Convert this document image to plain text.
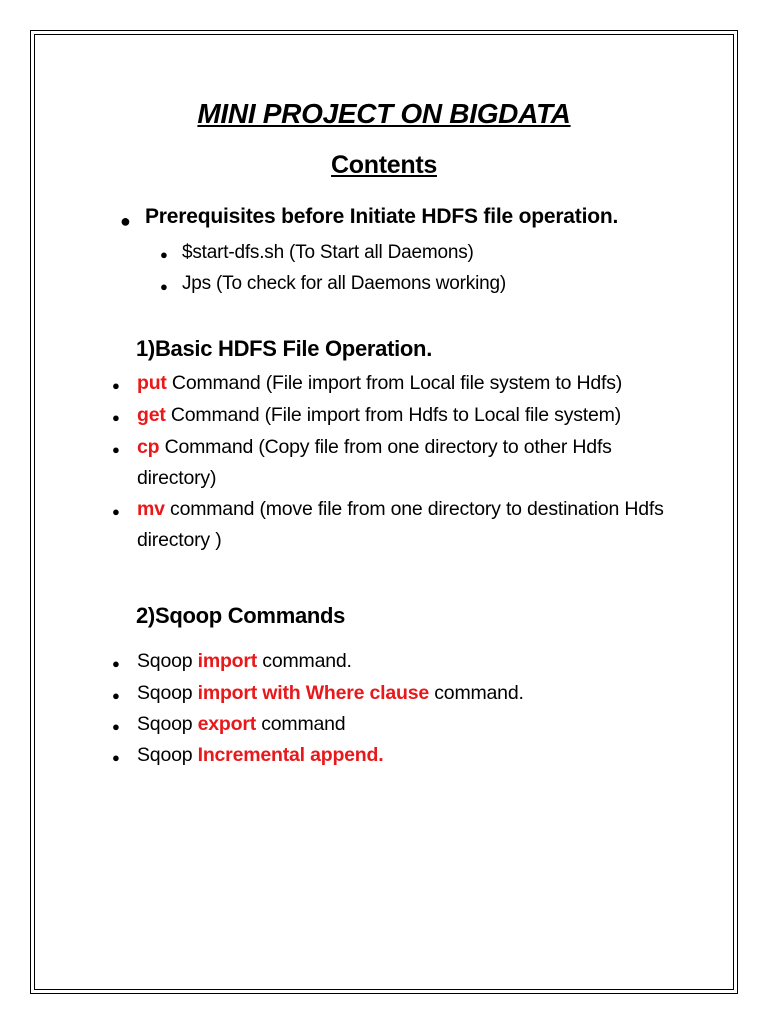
MINI PROJECT ON BIGDATA
Contents
● Prerequisites before Initiate HDFS file operation.
● $start-dfs.sh (To Start all Daemons)
● Jps (To check for all Daemons working)
1)Basic HDFS File Operation.
● put Command (File import from Local file system to Hdfs)
● get Command (File import from Hdfs to Local file system)
● cp Command (Copy file from one directory to other Hdfs directory)
● mv command (move file from one directory to destination Hdfs directory )
2)Sqoop Commands
● Sqoop import command.
● Sqoop import with Where clause command.
● Sqoop export command
● Sqoop Incremental append.
